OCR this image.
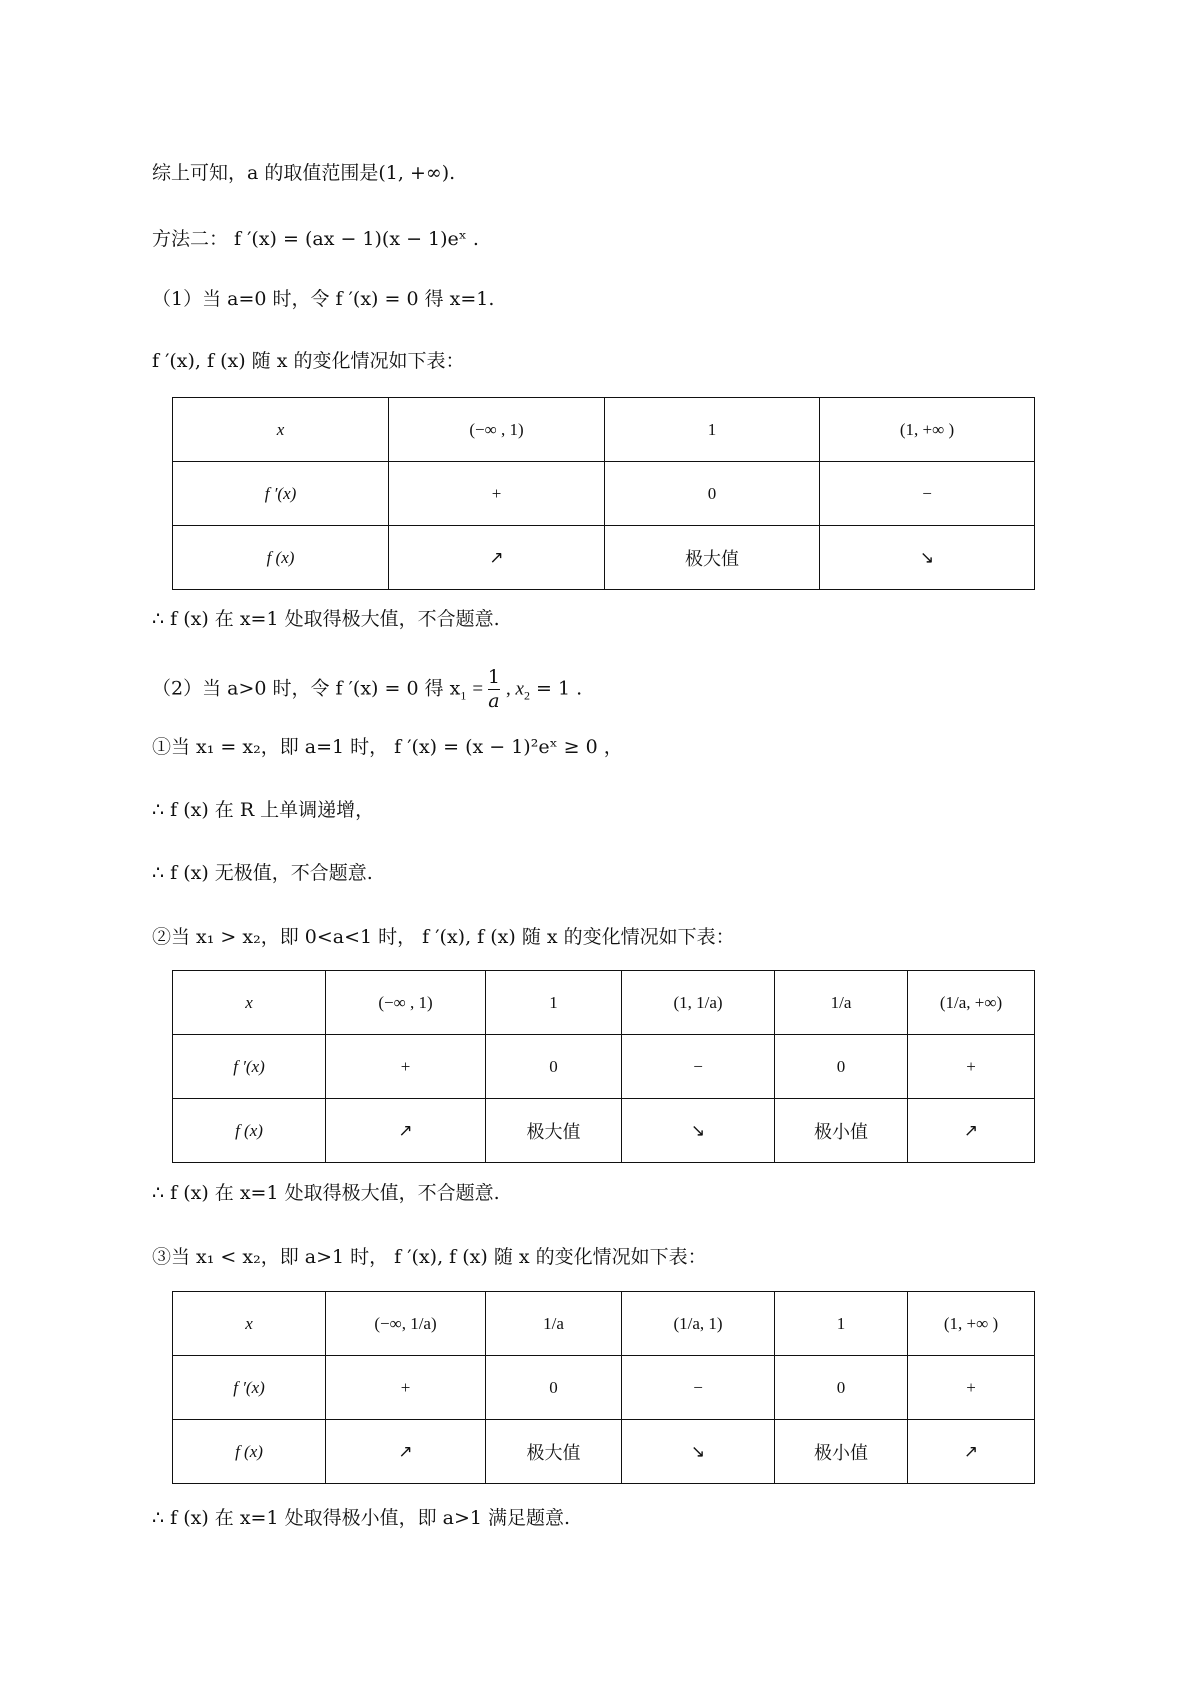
综上可知，a 的取值范围是(1, +∞).
方法二： f ′(x) = (ax − 1)(x − 1)eˣ .
（1）当 a=0 时，令 f ′(x) = 0 得 x=1.
f ′(x), f (x) 随 x 的变化情况如下表：
x	(−∞ , 1)	1	(1, +∞ )
f ′(x)	+	0	−
f (x)	↗	极大值	↘
∴ f (x) 在 x=1 处取得极大值，不合题意.
（2）当 a>0 时，令 f ′(x) = 0 得 $x_1 = \frac{1}{a}$ , $x_2 = 1$ .
①当 x₁ = x₂，即 a=1 时， f ′(x) = (x − 1)²eˣ ≥ 0 ，
∴ f (x) 在 R 上单调递增，
∴ f (x) 无极值，不合题意.
②当 x₁ > x₂，即 0<a<1 时， f ′(x), f (x) 随 x 的变化情况如下表：
x	(−∞ , 1)	1	(1, 1/a)	1/a	(1/a, +∞)
f ′(x)	+	0	−	0	+
f (x)	↗	极大值	↘	极小值	↗
∴ f (x) 在 x=1 处取得极大值，不合题意.
③当 x₁ < x₂，即 a>1 时， f ′(x), f (x) 随 x 的变化情况如下表：
x	(−∞, 1/a)	1/a	(1/a, 1)	1	(1, +∞ )
f ′(x)	+	0	−	0	+
f (x)	↗	极大值	↘	极小值	↗
∴ f (x) 在 x=1 处取得极小值，即 a>1 满足题意.
